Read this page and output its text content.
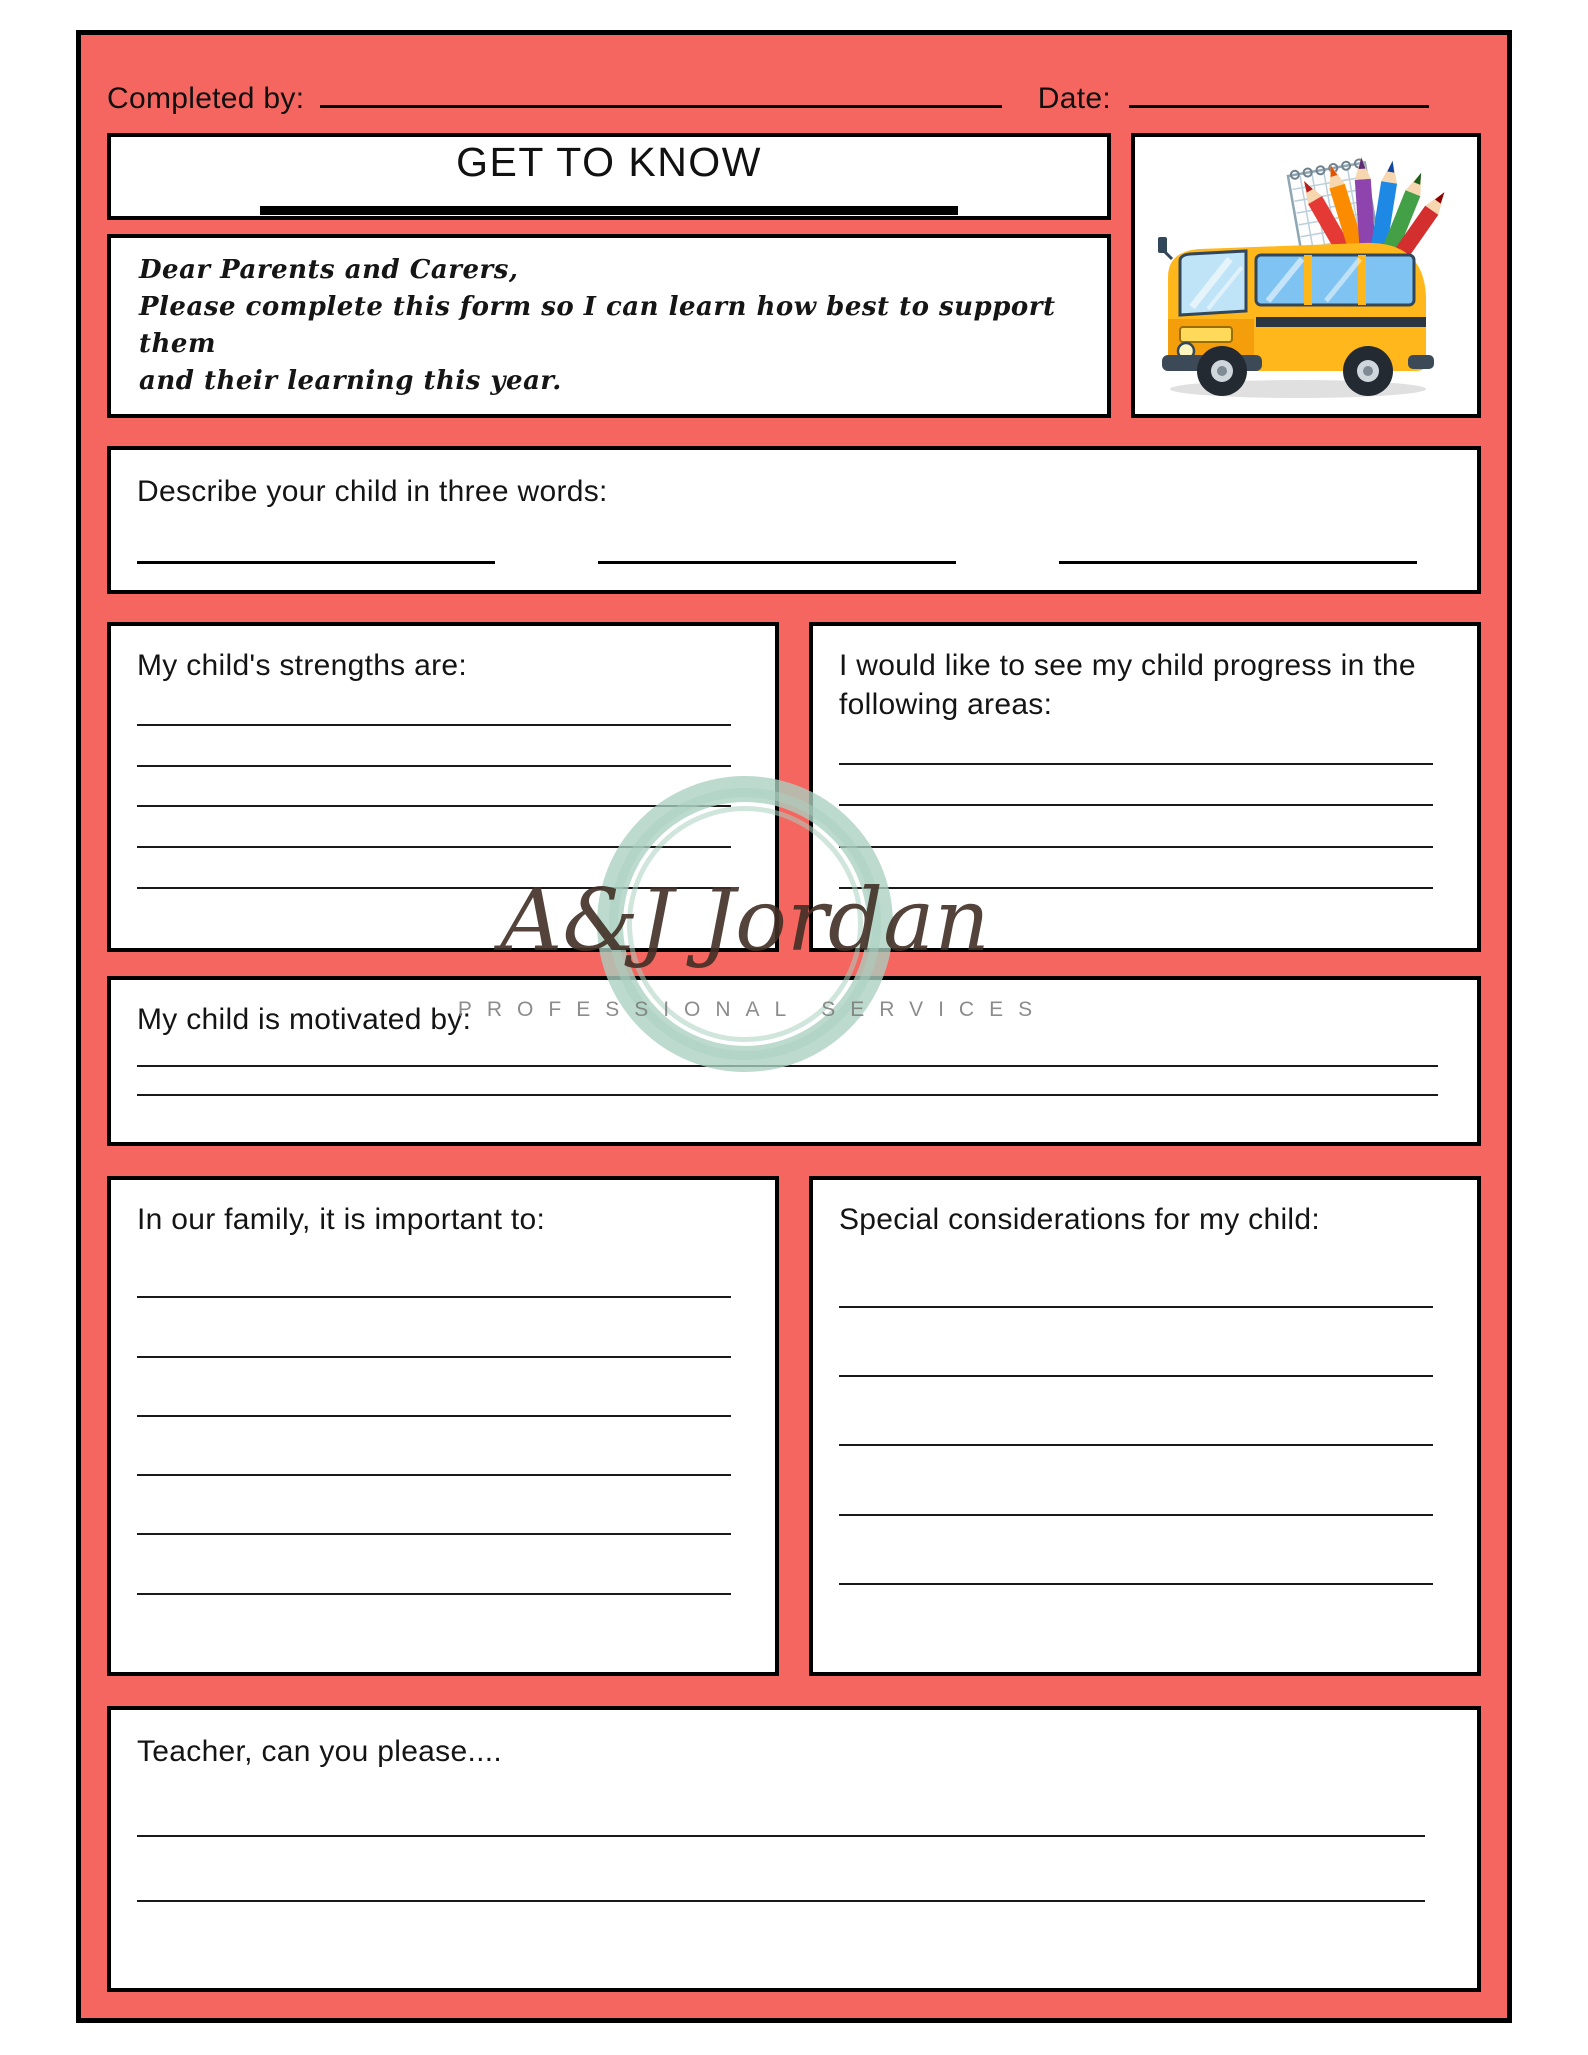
Completed by:	Date:
GET TO KNOW
Dear Parents and Carers,
Please complete this form so I can learn how best to support them
and their learning this year.
Describe your child in three words:
My child's strengths are:	I would like to see my child progress in the following areas:
My child is motivated by:
In our family, it is important to:	Special considerations for my child:
Teacher, can you please....
A&J Jordan
PROFESSIONAL SERVICES
